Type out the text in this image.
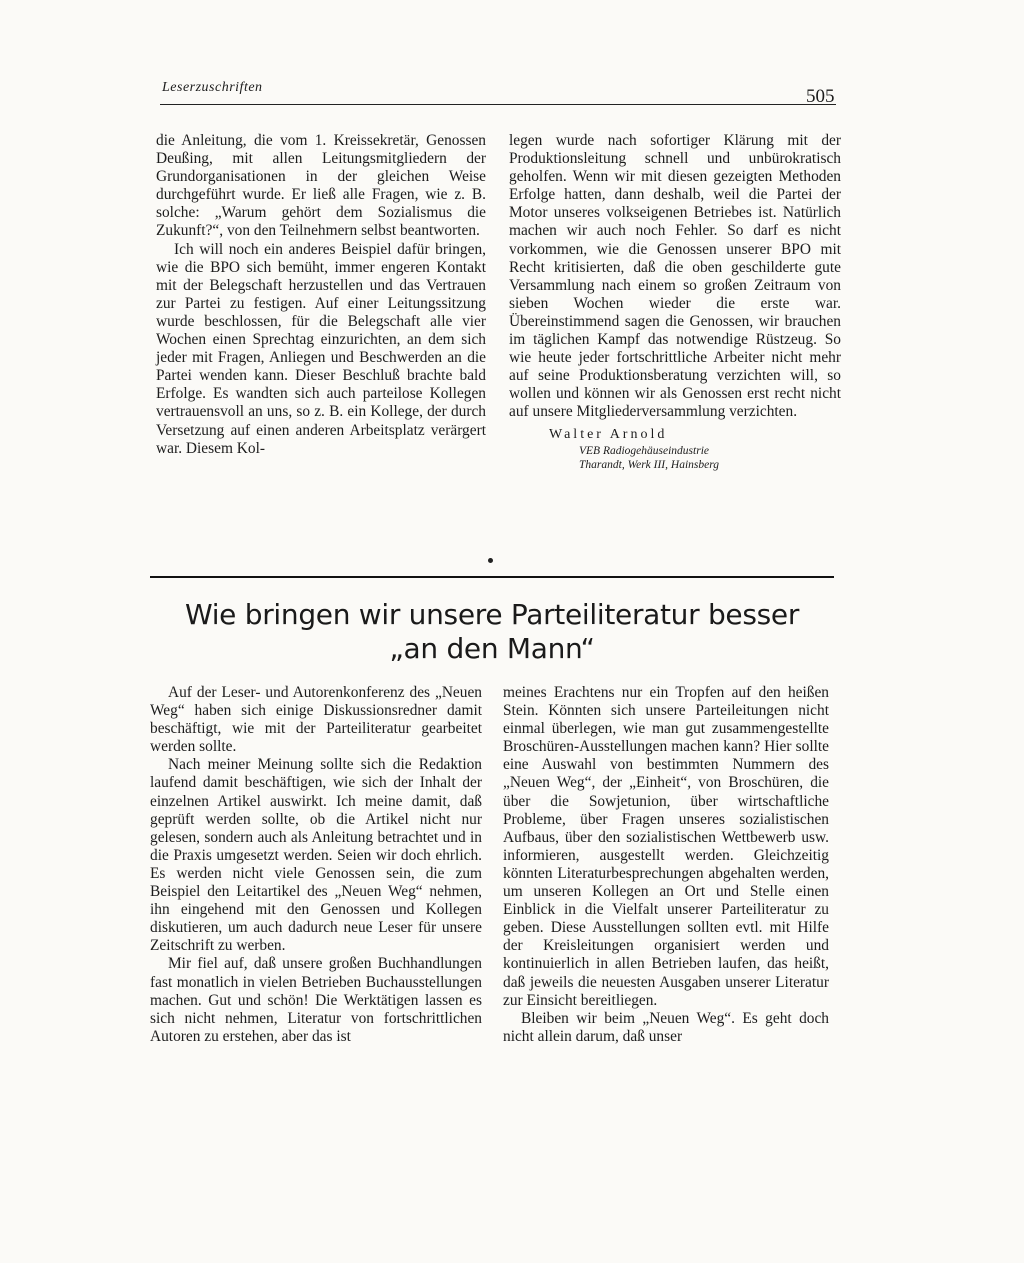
Leserzuschriften	505

die Anleitung, die vom 1. Kreissekretär, Genossen Deußing, mit allen Leitungsmitgliedern der Grundorganisationen in der gleichen Weise durchgeführt wurde. Er ließ alle Fragen, wie z. B. solche: „Warum gehört dem Sozialismus die Zukunft?“, von den Teilnehmern selbst beantworten.

Ich will noch ein anderes Beispiel dafür bringen, wie die BPO sich bemüht, immer engeren Kontakt mit der Belegschaft herzustellen und das Vertrauen zur Partei zu festigen. Auf einer Leitungssitzung wurde beschlossen, für die Belegschaft alle vier Wochen einen Sprechtag einzurichten, an dem sich jeder mit Fragen, Anliegen und Beschwerden an die Partei wenden kann. Dieser Beschluß brachte bald Erfolge. Es wandten sich auch parteilose Kollegen vertrauensvoll an uns, so z. B. ein Kollege, der durch Versetzung auf einen anderen Arbeitsplatz verärgert war. Diesem Kol-

legen wurde nach sofortiger Klärung mit der Produktionsleitung schnell und unbürokratisch geholfen. Wenn wir mit diesen gezeigten Methoden Erfolge hatten, dann deshalb, weil die Partei der Motor unseres volkseigenen Betriebes ist. Natürlich machen wir auch noch Fehler. So darf es nicht vorkommen, wie die Genossen unserer BPO mit Recht kritisierten, daß die oben geschilderte gute Versammlung nach einem so großen Zeitraum von sieben Wochen wieder die erste war. Übereinstimmend sagen die Genossen, wir brauchen im täglichen Kampf das notwendige Rüstzeug. So wie heute jeder fortschrittliche Arbeiter nicht mehr auf seine Produktionsberatung verzichten will, so wollen und können wir als Genossen erst recht nicht auf unsere Mitgliederversammlung verzichten.

Walter Arnold
VEB Radiogehäuseindustrie
Tharandt, Werk III, Hainsberg
Wie bringen wir unsere Parteiliteratur besser
„an den Mann“

Auf der Leser- und Autorenkonferenz des „Neuen Weg“ haben sich einige Diskussionsredner damit beschäftigt, wie mit der Parteiliteratur gearbeitet werden sollte.

Nach meiner Meinung sollte sich die Redaktion laufend damit beschäftigen, wie sich der Inhalt der einzelnen Artikel auswirkt. Ich meine damit, daß geprüft werden sollte, ob die Artikel nicht nur gelesen, sondern auch als Anleitung betrachtet und in die Praxis umgesetzt werden. Seien wir doch ehrlich. Es werden nicht viele Genossen sein, die zum Beispiel den Leitartikel des „Neuen Weg“ nehmen, ihn eingehend mit den Genossen und Kollegen diskutieren, um auch dadurch neue Leser für unsere Zeitschrift zu werben.

Mir fiel auf, daß unsere großen Buchhandlungen fast monatlich in vielen Betrieben Buchausstellungen machen. Gut und schön! Die Werktätigen lassen es sich nicht nehmen, Literatur von fortschrittlichen Autoren zu erstehen, aber das ist

meines Erachtens nur ein Tropfen auf den heißen Stein. Könnten sich unsere Parteileitungen nicht einmal überlegen, wie man gut zusammengestellte Broschüren-Ausstellungen machen kann? Hier sollte eine Auswahl von bestimmten Nummern des „Neuen Weg“, der „Einheit“, von Broschüren, die über die Sowjetunion, über wirtschaftliche Probleme, über Fragen unseres sozialistischen Aufbaus, über den sozialistischen Wettbewerb usw. informieren, ausgestellt werden. Gleichzeitig könnten Literaturbesprechungen abgehalten werden, um unseren Kollegen an Ort und Stelle einen Einblick in die Vielfalt unserer Parteiliteratur zu geben. Diese Ausstellungen sollten evtl. mit Hilfe der Kreisleitungen organisiert werden und kontinuierlich in allen Betrieben laufen, das heißt, daß jeweils die neuesten Ausgaben unserer Literatur zur Einsicht bereitliegen.

Bleiben wir beim „Neuen Weg“. Es geht doch nicht allein darum, daß unser
